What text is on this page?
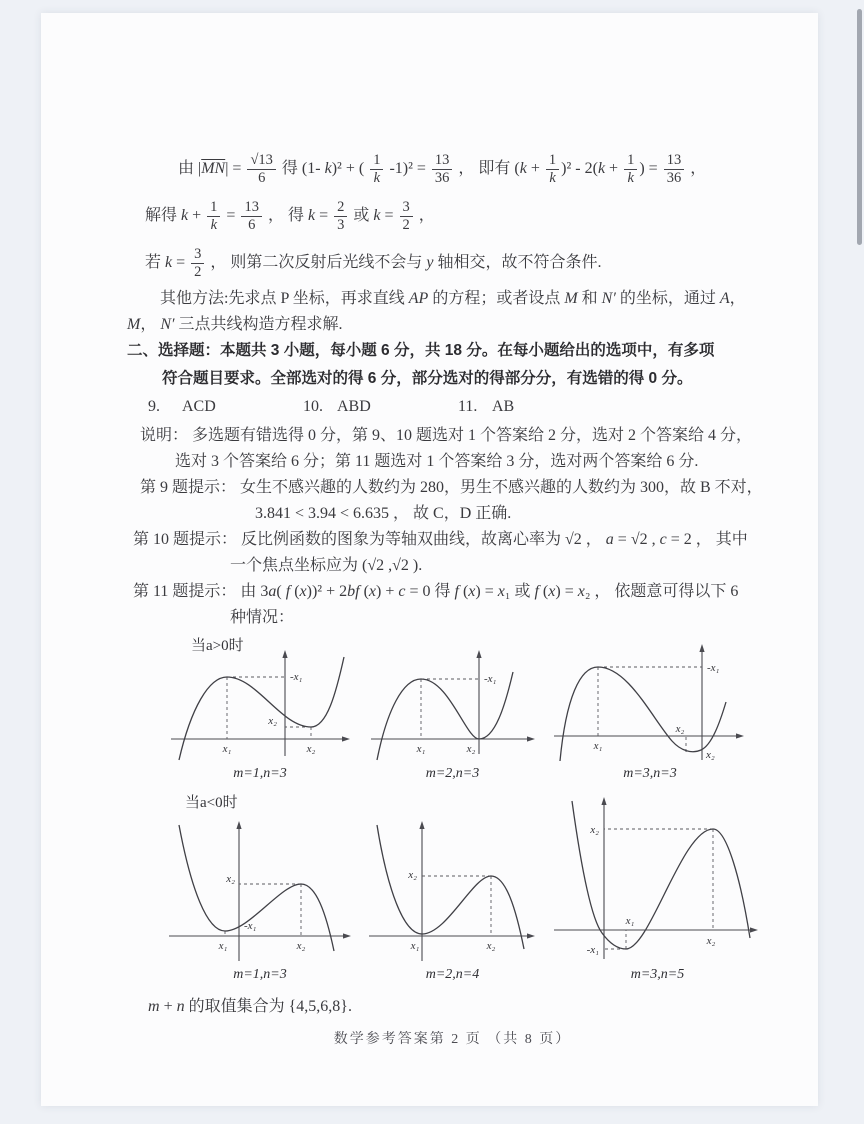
由 $|\overline{MN}| = \frac{√13}{6}$ 得 (1- k)² + ( $\frac{1}{k} -1)^2 = \frac{13}{36}$ ， 即有 $(k + \frac{1}{k} )^2 - 2(k + \frac{1}{k}$ ) = $\frac{13}{36}$ ，
解得 $k + \frac{1}{k} = \frac{13}{6}$ ， 得 $k = \frac{2}{3}$ 或 $k = \frac{3}{2}$ ，
若 $k = \frac{3}{2}$ ， 则第二次反射后光线不会与 y 轴相交，故不符合条件.
其他方法:先求点 P 坐标，再求直线 AP 的方程；或者设点 M 和 N′ 的坐标，通过 A，
M， N′ 三点共线构造方程求解.
二、选择题：本题共 3 小题，每小题 6 分，共 18 分。在每小题给出的选项中，有多项
符合题目要求。全部选对的得 6 分，部分选对的得部分分，有选错的得 0 分。
9.	ACD	10. ABD	11. AB
说明： 多选题有错选得 0 分，第 9、10 题选对 1 个答案给 2 分，选对 2 个答案给 4 分，
选对 3 个答案给 6 分；第 11 题选对 1 个答案给 3 分，选对两个答案给 6 分.
第 9 题提示： 女生不感兴趣的人数约为 280，男生不感兴趣的人数约为 300，故 B 不对，
3.841 < 3.94 < 6.635 ， 故 C，D 正确.
第 10 题提示： 反比例函数的图象为等轴双曲线，故离心率为 √2 ， a = √2 , c = 2 ， 其中
一个焦点坐标应为 (√2 ,√2 ).
第 11 题提示： 由 3a( f (x))² + 2bf (x) + c = 0 得 f (x) = x₁ 或 f (x) = x₂ ， 依题意可得以下 6
种情况：
当a>0时
-x₁
x₂
x₁	x₂
m=1,n=3
-x₁
x₁	x₂
m=2,n=3
-x₁
x₁
x₂
x₂
m=3,n=3
当a<0时
x₂
-x₁
x₁	x₂
m=1,n=3
x₂
x₁	x₂
m=2,n=4
x₂
-x₁
x₁
x₂
m=3,n=5
m + n 的取值集合为 {4,5,6,8}.
数学参考答案第 2 页 （共 8 页）
